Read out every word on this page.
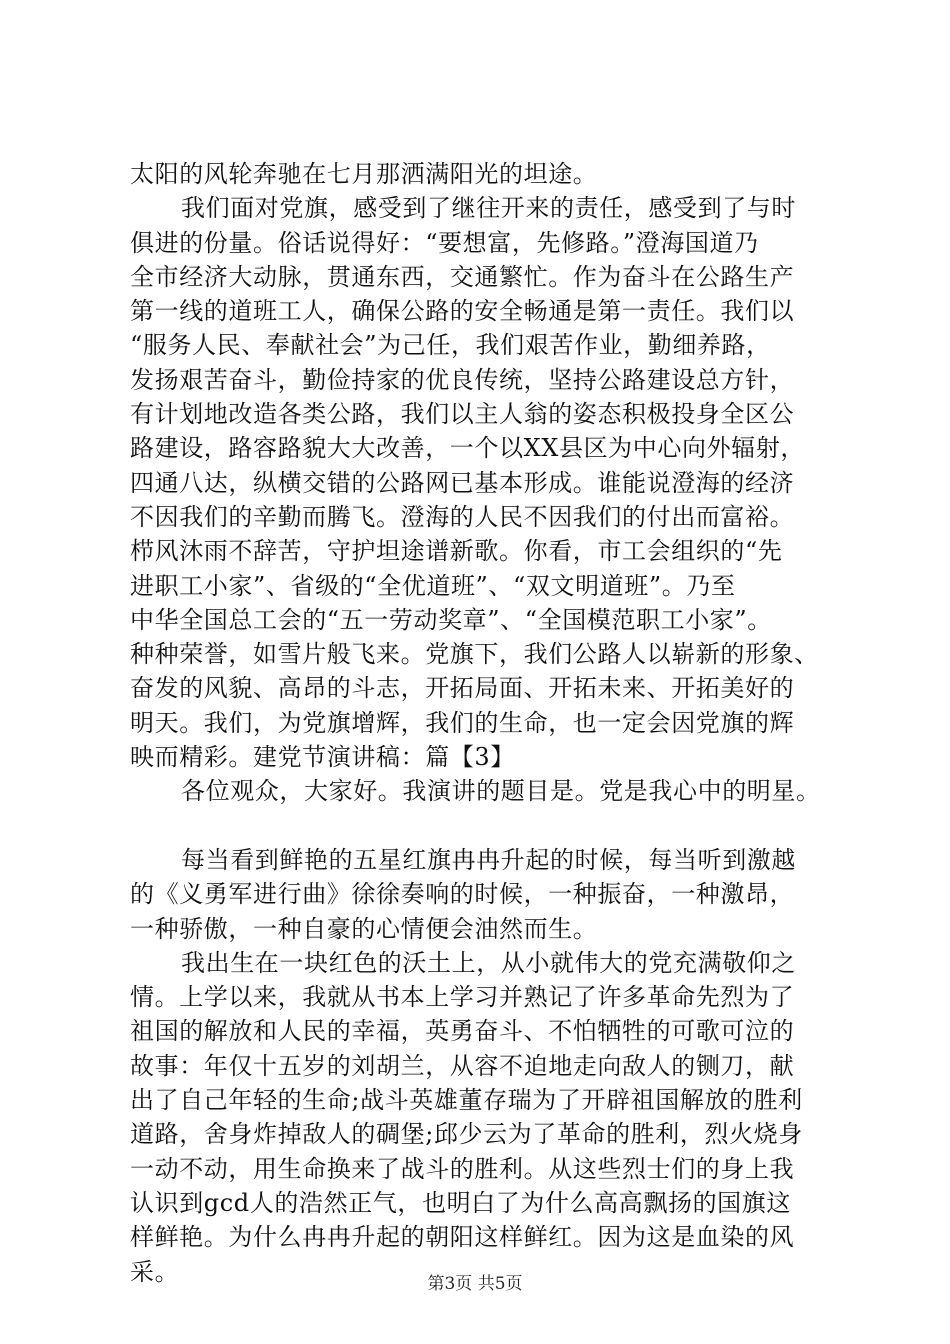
太阳的风轮奔驰在七月那洒满阳光的坦途。
我们面对党旗，感受到了继往开来的责任，感受到了与时
俱进的份量。俗话说得好：“要想富，先修路。”澄海国道乃
全市经济大动脉，贯通东西，交通繁忙。作为奋斗在公路生产
第一线的道班工人，确保公路的安全畅通是第一责任。我们以
“服务人民、奉献社会”为己任，我们艰苦作业，勤细养路，
发扬艰苦奋斗，勤俭持家的优良传统，坚持公路建设总方针，
有计划地改造各类公路，我们以主人翁的姿态积极投身全区公
路建设，路容路貌大大改善，一个以XX县区为中心向外辐射，
四通八达，纵横交错的公路网已基本形成。谁能说澄海的经济
不因我们的辛勤而腾飞。澄海的人民不因我们的付出而富裕。
栉风沐雨不辞苦，守护坦途谱新歌。你看，市工会组织的“先
进职工小家”、省级的“全优道班”、“双文明道班”。乃至
中华全国总工会的“五一劳动奖章”、“全国模范职工小家”。
种种荣誉，如雪片般飞来。党旗下，我们公路人以崭新的形象、
奋发的风貌、高昂的斗志，开拓局面、开拓未来、开拓美好的
明天。我们，为党旗增辉，我们的生命，也一定会因党旗的辉
映而精彩。建党节演讲稿：篇【3】
各位观众，大家好。我演讲的题目是。党是我心中的明星。
每当看到鲜艳的五星红旗冉冉升起的时候，每当听到激越
的《义勇军进行曲》徐徐奏响的时候，一种振奋，一种激昂，
一种骄傲，一种自豪的心情便会油然而生。
我出生在一块红色的沃土上，从小就伟大的党充满敬仰之
情。上学以来，我就从书本上学习并熟记了许多革命先烈为了
祖国的解放和人民的幸福，英勇奋斗、不怕牺牲的可歌可泣的
故事：年仅十五岁的刘胡兰，从容不迫地走向敌人的铡刀，献
出了自己年轻的生命;战斗英雄董存瑞为了开辟祖国解放的胜利
道路，舍身炸掉敌人的碉堡;邱少云为了革命的胜利，烈火烧身
一动不动，用生命换来了战斗的胜利。从这些烈士们的身上我
认识到gcd人的浩然正气，也明白了为什么高高飘扬的国旗这
样鲜艳。为什么冉冉升起的朝阳这样鲜红。因为这是血染的风
采。	第3页 共5页
